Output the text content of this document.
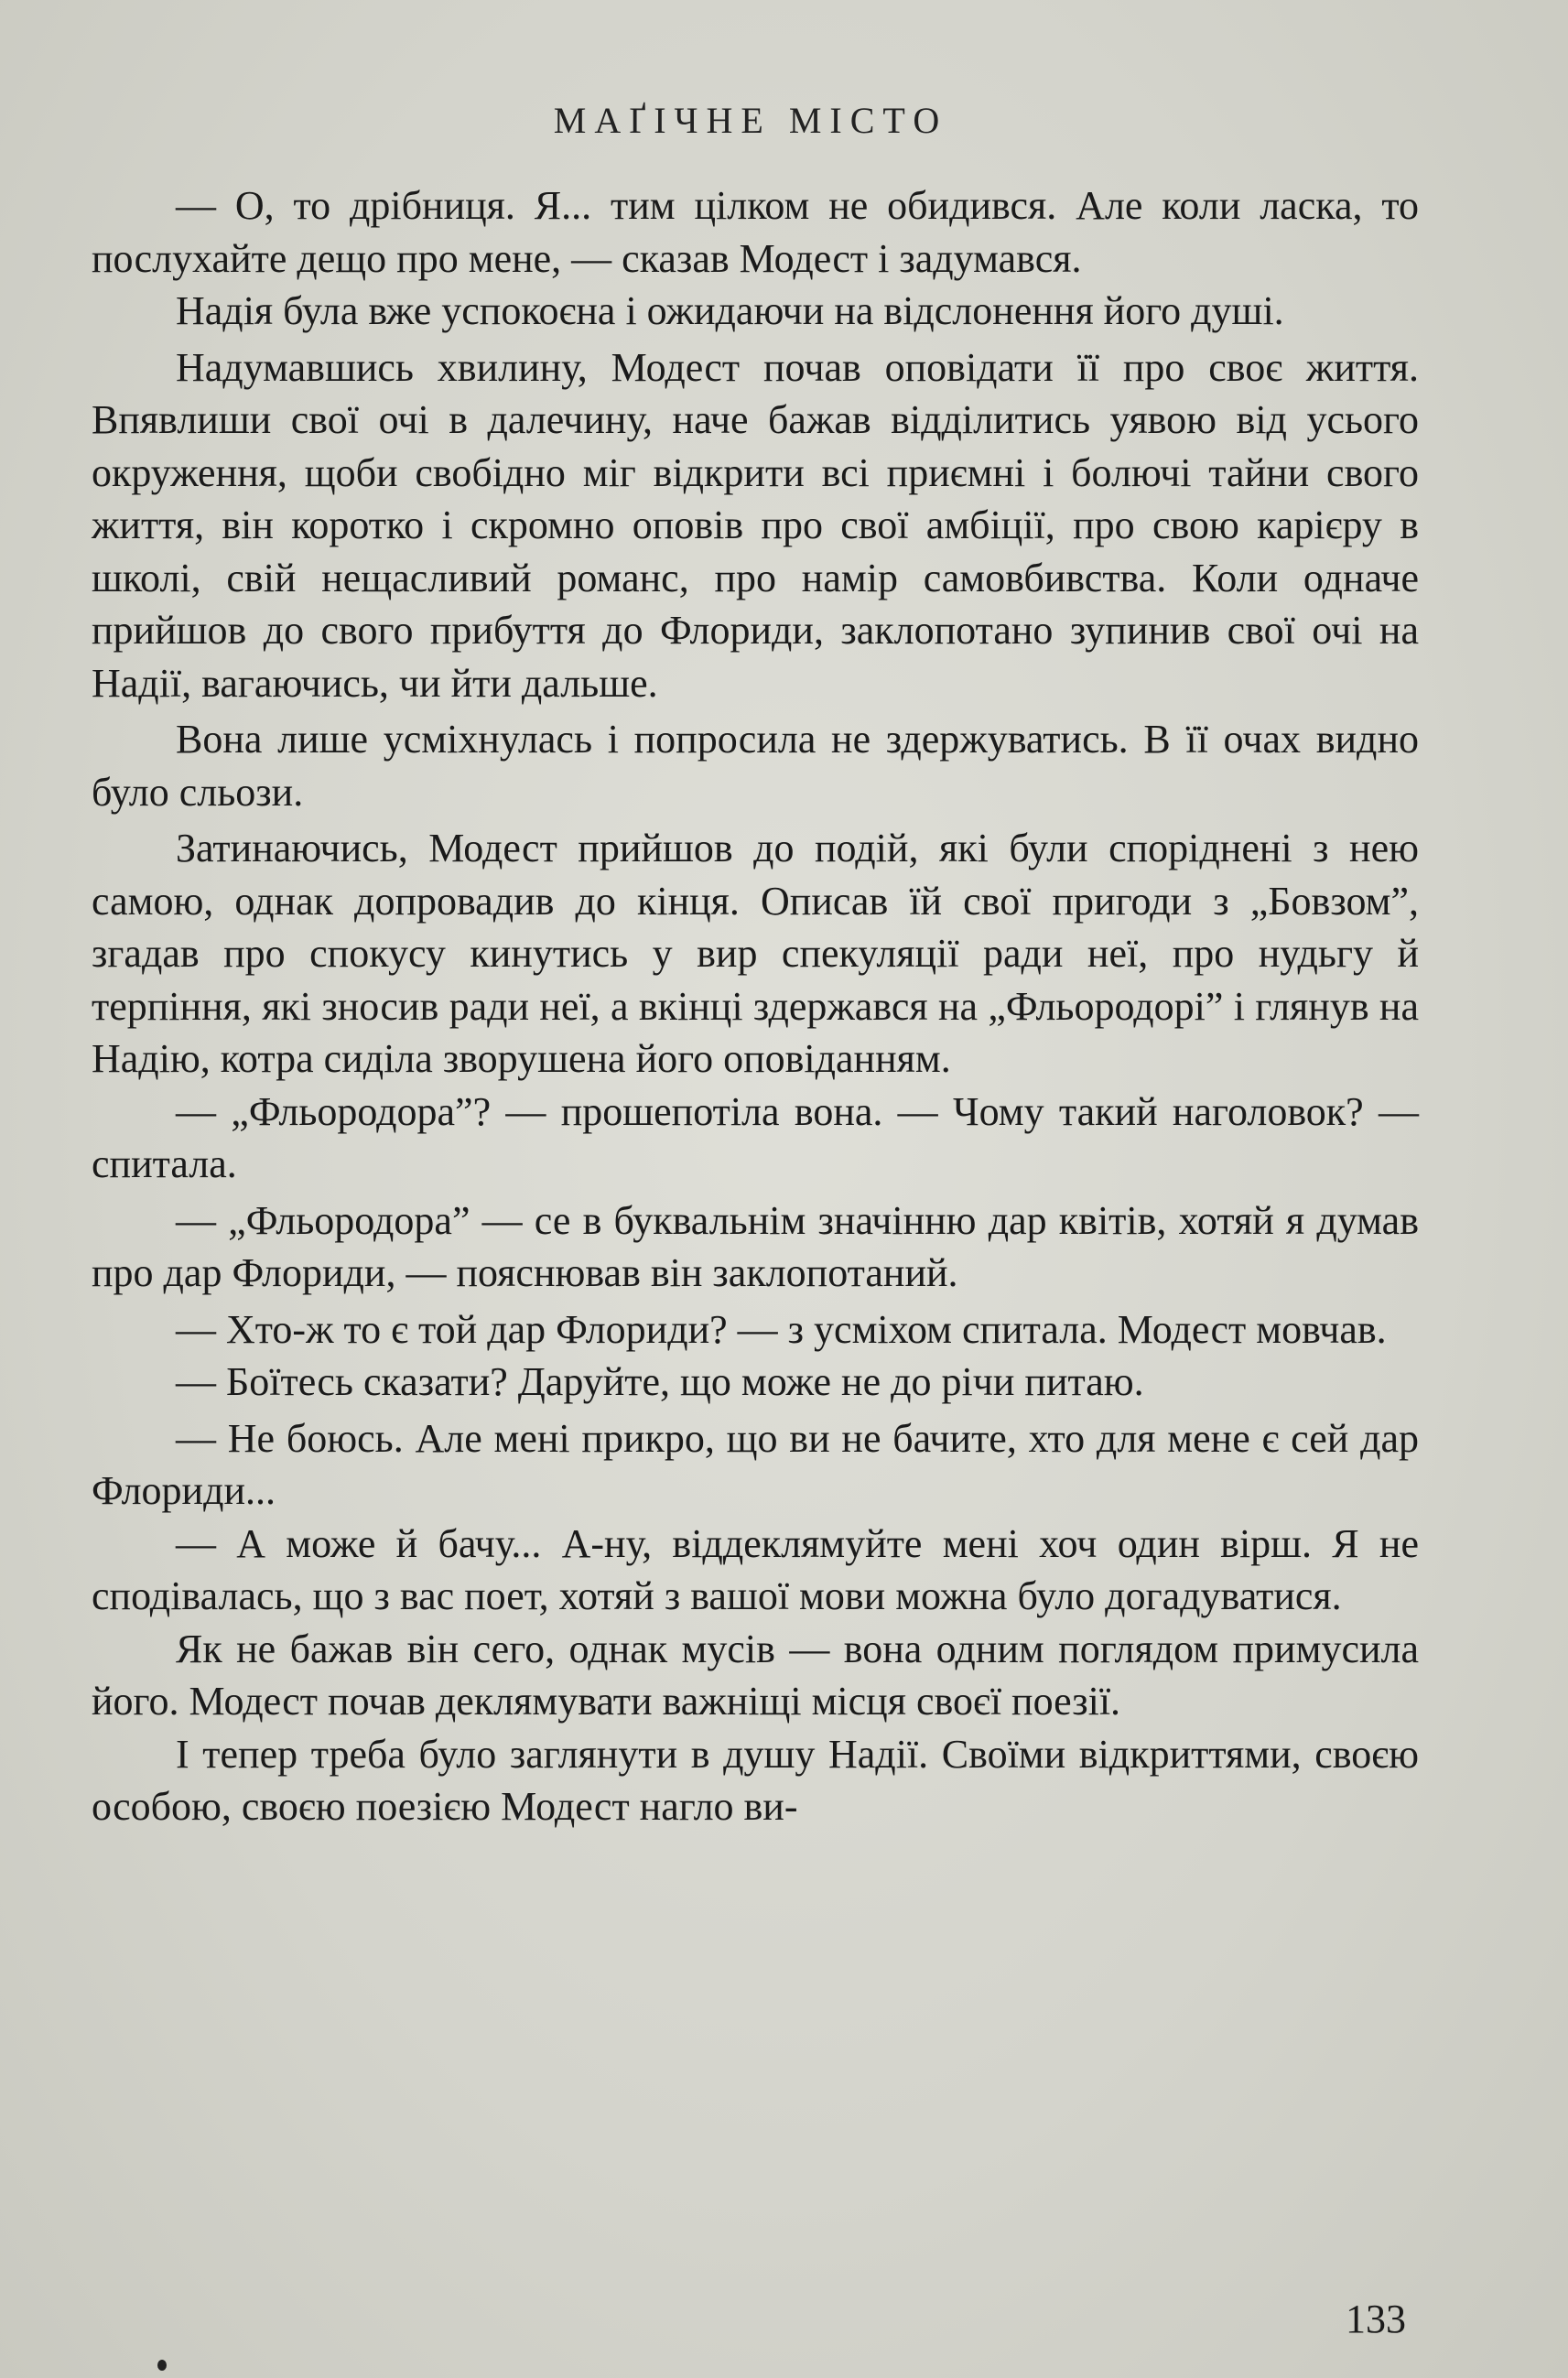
МАҐІЧНЕ МІСТО

— О, то дрібниця. Я... тим цілком не обидився. Але коли ласка, то послухайте дещо про мене, — сказав Модест і задумався.

Надія була вже успокоєна і ожидаючи на відслонення його душі.

Надумавшись хвилину, Модест почав оповідати її про своє життя. Впявлиши свої очі в далечину, наче бажав відділитись уявою від усього окруження, щоби свобідно міг відкрити всі приємні і болючі тайни свого життя, він коротко і скромно оповів про свої амбіції, про свою карієру в школі, свій нещасливий романс, про намір самовбивства. Коли одначе прийшов до свого прибуття до Флориди, заклопотано зупинив свої очі на Надії, вагаючись, чи йти дальше.

Вона лише усміхнулась і попросила не здержуватись. В її очах видно було сльози.

Затинаючись, Модест прийшов до подій, які були споріднені з нею самою, однак допровадив до кінця. Описав їй свої пригоди з „Бовзом”, згадав про спокусу кинутись у вир спекуляції ради неї, про нудьгу й терпіння, які зносив ради неї, а вкінці здержався на „Фльородорі” і глянув на Надію, котра сиділа зворушена його оповіданням.

— „Фльородора”? — прошепотіла вона. — Чому такий наголовок? — спитала.

— „Фльородора” — се в буквальнім значінню дар квітів, хотяй я думав про дар Флориди, — пояснював він заклопотаний.

— Хто-ж то є той дар Флориди? — з усміхом спитала. Модест мовчав.

— Боїтесь сказати? Даруйте, що може не до річи питаю.

— Не боюсь. Але мені прикро, що ви не бачите, хто для мене є сей дар Флориди...

— А може й бачу... А-ну, віддеклямуйте мені хоч один вірш. Я не сподівалась, що з вас поет, хотяй з вашої мови можна було догадуватися.

Як не бажав він сего, однак мусів — вона одним поглядом примусила його. Модест почав деклямувати важніщі місця своєї поезії.

І тепер треба було заглянути в душу Надії. Своїми відкриттями, своєю особою, своєю поезією Модест нагло ви-

133
